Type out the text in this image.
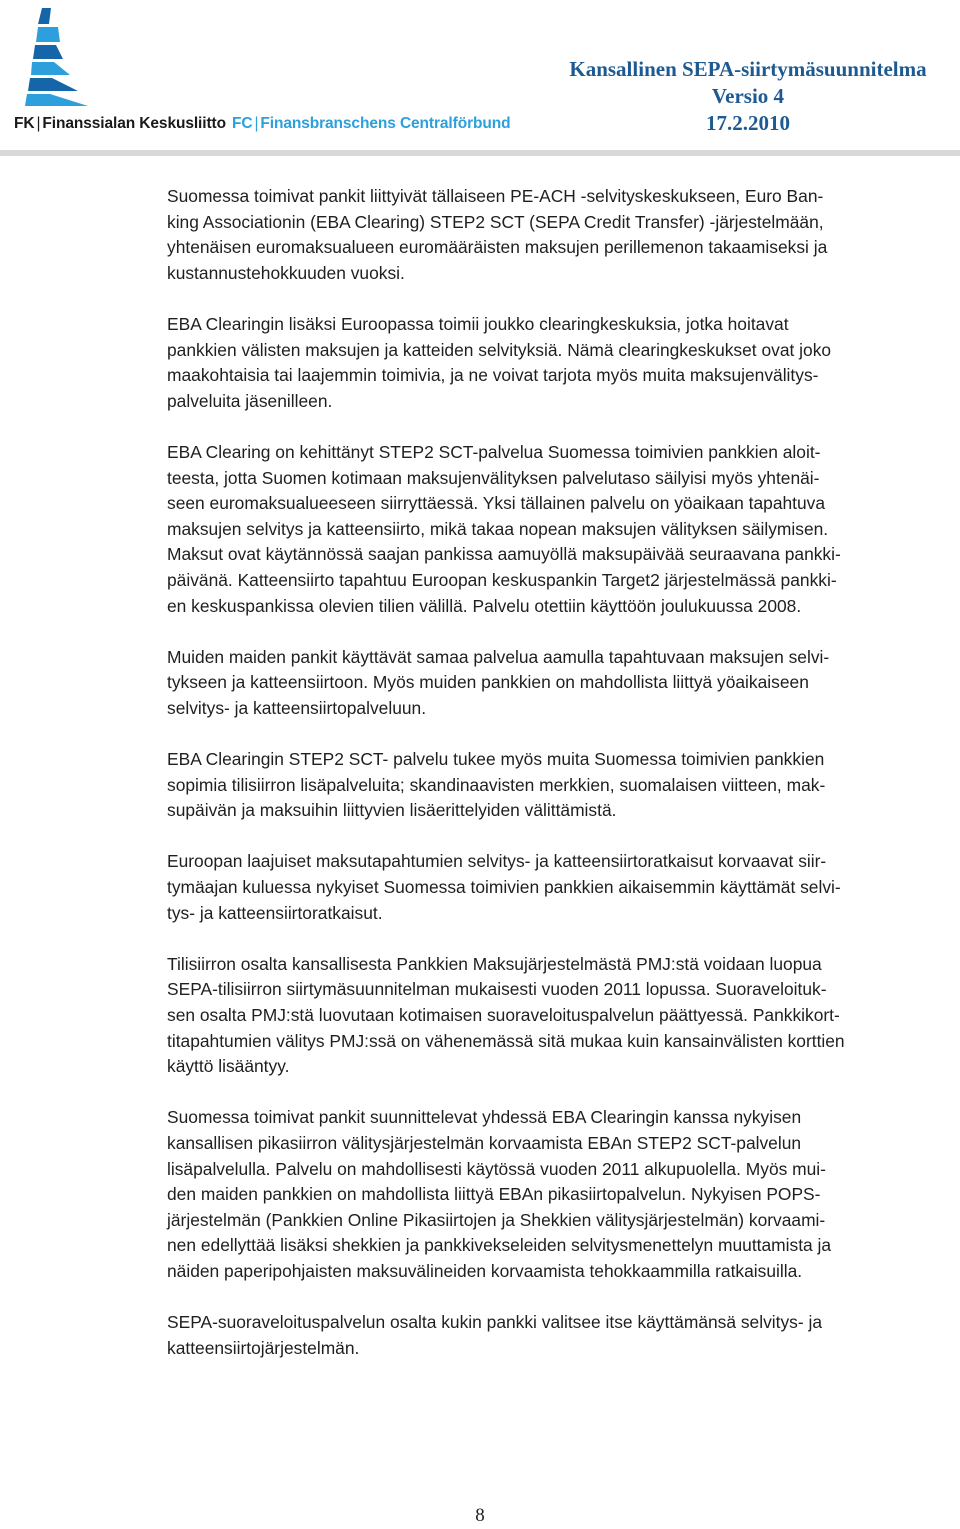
FK | Finanssialan Keskusliitto FC | Finansbranschens Centralförbund
Kansallinen SEPA-siirtymäsuunnitelma
Versio 4
17.2.2010

Suomessa toimivat pankit liittyivät tällaiseen PE-ACH -selvityskeskukseen, Euro Ban-
king Associationin (EBA Clearing) STEP2 SCT (SEPA Credit Transfer) -järjestelmään,
yhtenäisen euromaksualueen euromääräisten maksujen perillemenon takaamiseksi ja
kustannustehokkuuden vuoksi.

EBA Clearingin lisäksi Euroopassa toimii joukko clearingkeskuksia, jotka hoitavat
pankkien välisten maksujen ja katteiden selvityksiä. Nämä clearingkeskukset ovat joko
maakohtaisia tai laajemmin toimivia, ja ne voivat tarjota myös muita maksujenvälitys-
palveluita jäsenilleen.

EBA Clearing on kehittänyt STEP2 SCT-palvelua Suomessa toimivien pankkien aloit-
teesta, jotta Suomen kotimaan maksujenvälityksen palvelutaso säilyisi myös yhtenäi-
seen euromaksualueeseen siirryttäessä. Yksi tällainen palvelu on yöaikaan tapahtuva
maksujen selvitys ja katteensiirto, mikä takaa nopean maksujen välityksen säilymisen.
Maksut ovat käytännössä saajan pankissa aamuyöllä maksupäivää seuraavana pankki-
päivänä. Katteensiirto tapahtuu Euroopan keskuspankin Target2 järjestelmässä pankki-
en keskuspankissa olevien tilien välillä. Palvelu otettiin käyttöön joulukuussa 2008.

Muiden maiden pankit käyttävät samaa palvelua aamulla tapahtuvaan maksujen selvi-
tykseen ja katteensiirtoon. Myös muiden pankkien on mahdollista liittyä yöaikaiseen
selvitys- ja katteensiirtopalveluun.

EBA Clearingin STEP2 SCT- palvelu tukee myös muita Suomessa toimivien pankkien
sopimia tilisiirron lisäpalveluita; skandinaavisten merkkien, suomalaisen viitteen, mak-
supäivän ja maksuihin liittyvien lisäerittelyiden välittämistä.

Euroopan laajuiset maksutapahtumien selvitys- ja katteensiirtoratkaisut korvaavat siir-
tymäajan kuluessa nykyiset Suomessa toimivien pankkien aikaisemmin käyttämät selvi-
tys- ja katteensiirtoratkaisut.

Tilisiirron osalta kansallisesta Pankkien Maksujärjestelmästä PMJ:stä voidaan luopua
SEPA-tilisiirron siirtymäsuunnitelman mukaisesti vuoden 2011 lopussa. Suoraveloituk-
sen osalta PMJ:stä luovutaan kotimaisen suoraveloituspalvelun päättyessä. Pankkikort-
titapahtumien välitys PMJ:ssä on vähenemässä sitä mukaa kuin kansainvälisten korttien
käyttö lisääntyy.

Suomessa toimivat pankit suunnittelevat yhdessä EBA Clearingin kanssa nykyisen
kansallisen pikasiirron välitysjärjestelmän korvaamista EBAn STEP2 SCT-palvelun
lisäpalvelulla. Palvelu on mahdollisesti käytössä vuoden 2011 alkupuolella. Myös mui-
den maiden pankkien on mahdollista liittyä EBAn pikasiirtopalvelun. Nykyisen POPS-
järjestelmän (Pankkien Online Pikasiirtojen ja Shekkien välitysjärjestelmän) korvaami-
nen edellyttää lisäksi shekkien ja pankkivekseleiden selvitysmenettelyn muuttamista ja
näiden paperipohjaisten maksuvälineiden korvaamista tehokkaammilla ratkaisuilla.

SEPA-suoraveloituspalvelun osalta kukin pankki valitsee itse käyttämänsä selvitys- ja
katteensiirtojärjestelmän.

8
